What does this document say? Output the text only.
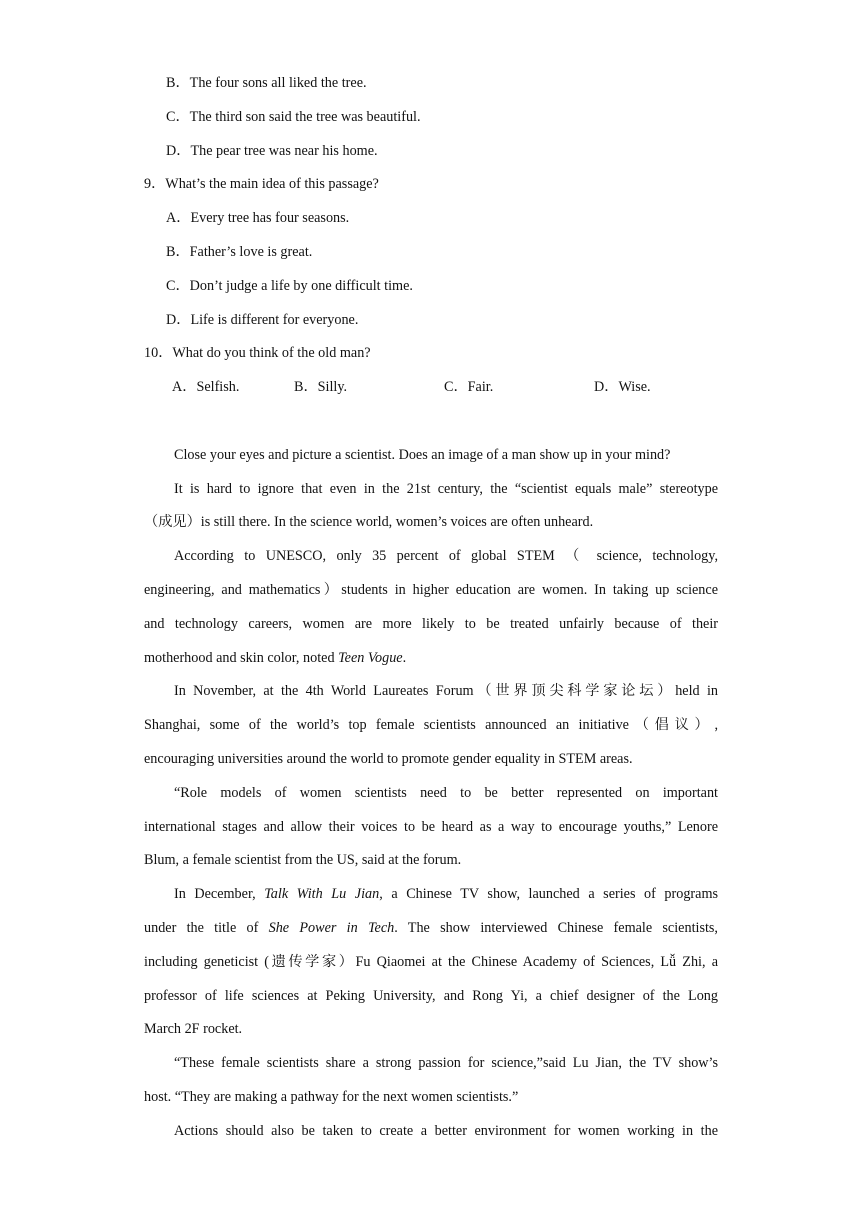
B．The four sons all liked the tree.
C．The third son said the tree was beautiful.
D．The pear tree was near his home.
9．What’s the main idea of this passage?
A．Every tree has four seasons.
B．Father’s love is great.
C．Don’t judge a life by one difficult time.
D．Life is different for everyone.
10．What do you think of the old man?
A．Selfish.	B．Silly.	C．Fair.	D．Wise.
Close your eyes and picture a scientist. Does an image of a man show up in your mind?
It is hard to ignore that even in the 21st century, the “scientist equals male” stereotype
（成见）is still there. In the science world, women’s voices are often unheard.
According to UNESCO, only 35 percent of global STEM （ science, technology,
engineering, and mathematics）students in higher education are women. In taking up science
and technology careers, women are more likely to be treated unfairly because of their
motherhood and skin color, noted Teen Vogue.
In November, at the 4th World Laureates Forum（世界顶尖科学家论坛）held in
Shanghai, some of the world’s top female scientists announced an initiative（倡议）,
encouraging universities around the world to promote gender equality in STEM areas.
“Role models of women scientists need to be better represented on important
international stages and allow their voices to be heard as a way to encourage youths,” Lenore
Blum, a female scientist from the US, said at the forum.
In December, Talk With Lu Jian, a Chinese TV show, launched a series of programs
under the title of She Power in Tech. The show interviewed Chinese female scientists,
including geneticist (遗传学家）Fu Qiaomei at the Chinese Academy of Sciences, Lǚ Zhi, a
professor of life sciences at Peking University, and Rong Yi, a chief designer of the Long
March 2F rocket.
“These female scientists share a strong passion for science,”said Lu Jian, the TV show’s
host. “They are making a pathway for the next women scientists.”
Actions should also be taken to create a better environment for women working in the
